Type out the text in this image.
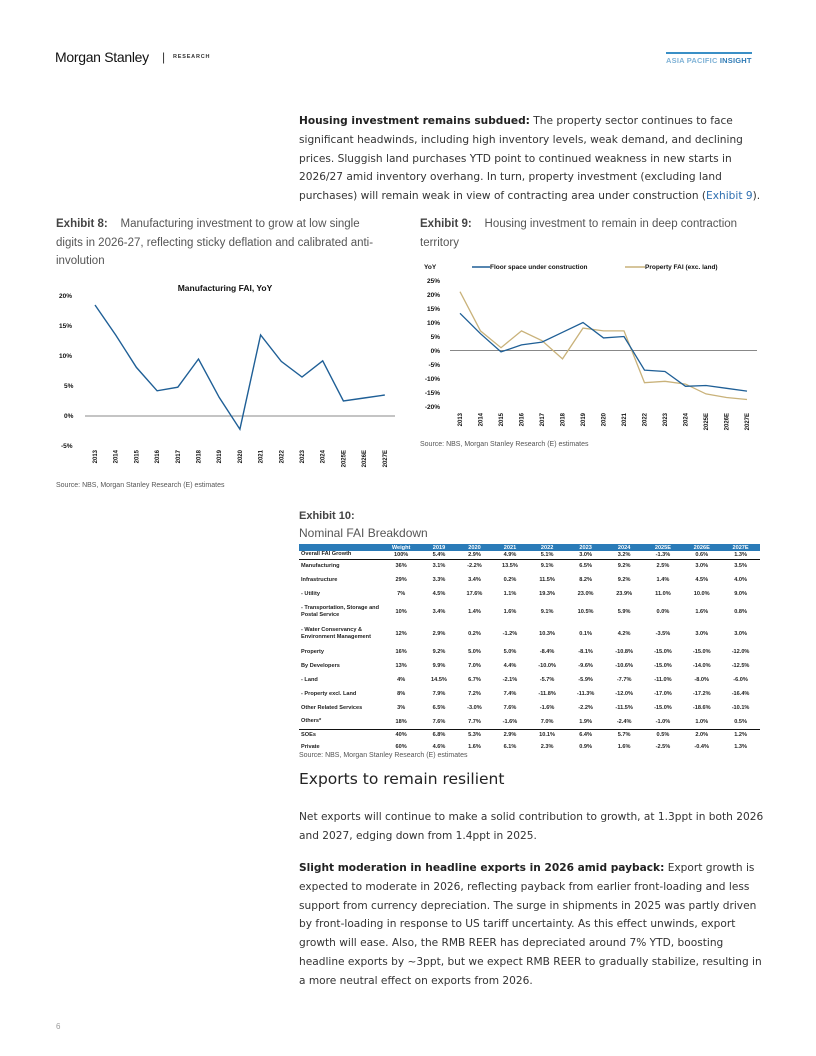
Morgan Stanley | RESEARCH	ASIA PACIFIC INSIGHT
Housing investment remains subdued: The property sector continues to face significant headwinds, including high inventory levels, weak demand, and declining prices. Sluggish land purchases YTD point to continued weakness in new starts in 2026/27 amid inventory overhang. In turn, property investment (excluding land purchases) will remain weak in view of contracting area under construction (Exhibit 9).
Exhibit 8: Manufacturing investment to grow at low single digits in 2026-27, reflecting sticky deflation and calibrated anti-involution
Manufacturing FAI, YoY
20%
15%
10%
5%
0%
-5%
2013 2014 2015 2016 2017 2018 2019 2020 2021 2022 2023 2024 2025E 2026E 2027E
Source: NBS, Morgan Stanley Research (E) estimates
Exhibit 9: Housing investment to remain in deep contraction territory
YoY	Floor space under construction	Property FAI (exc. land)
25%
20%
15%
10%
5%
0%
-5%
-10%
-15%
-20%
2013 2014 2015 2016 2017 2018 2019 2020 2021 2022 2023 2024 2025E 2026E 2027E
Source: NBS, Morgan Stanley Research (E) estimates
Exhibit 10:
Nominal FAI Breakdown
	Weight	2019	2020	2021	2022	2023	2024	2025E	2026E	2027E
Overall FAI Growth	100%	5.4%	2.9%	4.9%	5.1%	3.0%	3.2%	-1.3%	0.6%	1.3%
Manufacturing	36%	3.1%	-2.2%	13.5%	9.1%	6.5%	9.2%	2.5%	3.0%	3.5%
Infrastructure	29%	3.3%	3.4%	0.2%	11.5%	8.2%	9.2%	1.4%	4.5%	4.0%
- Utility	7%	4.5%	17.6%	1.1%	19.3%	23.0%	23.9%	11.0%	10.0%	9.0%
- Transportation, Storage and Postal Service	10%	3.4%	1.4%	1.6%	9.1%	10.5%	5.9%	0.0%	1.6%	0.8%
- Water Conservancy & Environment Management	12%	2.9%	0.2%	-1.2%	10.3%	0.1%	4.2%	-3.5%	3.0%	3.0%
Property	16%	9.2%	5.0%	5.0%	-8.4%	-8.1%	-10.8%	-15.0%	-15.0%	-12.0%
By Developers	13%	9.9%	7.0%	4.4%	-10.0%	-9.6%	-10.6%	-15.0%	-14.0%	-12.5%
- Land	4%	14.5%	6.7%	-2.1%	-5.7%	-5.9%	-7.7%	-11.0%	-8.0%	-6.0%
- Property excl. Land	8%	7.9%	7.2%	7.4%	-11.8%	-11.3%	-12.0%	-17.0%	-17.2%	-16.4%
Other Related Services	3%	6.5%	-3.0%	7.6%	-1.6%	-2.2%	-11.5%	-15.0%	-18.6%	-10.1%
Others*	18%	7.6%	7.7%	-1.6%	7.0%	1.9%	-2.4%	-1.0%	1.0%	0.5%
SOEs	40%	6.8%	5.3%	2.9%	10.1%	6.4%	5.7%	0.5%	2.0%	1.2%
Private	60%	4.6%	1.6%	6.1%	2.3%	0.9%	1.6%	-2.5%	-0.4%	1.3%
Source: NBS, Morgan Stanley Research (E) estimates
Exports to remain resilient
Net exports will continue to make a solid contribution to growth, at 1.3ppt in both 2026 and 2027, edging down from 1.4ppt in 2025.
Slight moderation in headline exports in 2026 amid payback: Export growth is expected to moderate in 2026, reflecting payback from earlier front-loading and less support from currency depreciation. The surge in shipments in 2025 was partly driven by front-loading in response to US tariff uncertainty. As this effect unwinds, export growth will ease. Also, the RMB REER has depreciated around 7% YTD, boosting headline exports by ~3ppt, but we expect RMB REER to gradually stabilize, resulting in a more neutral effect on exports from 2026.
6
